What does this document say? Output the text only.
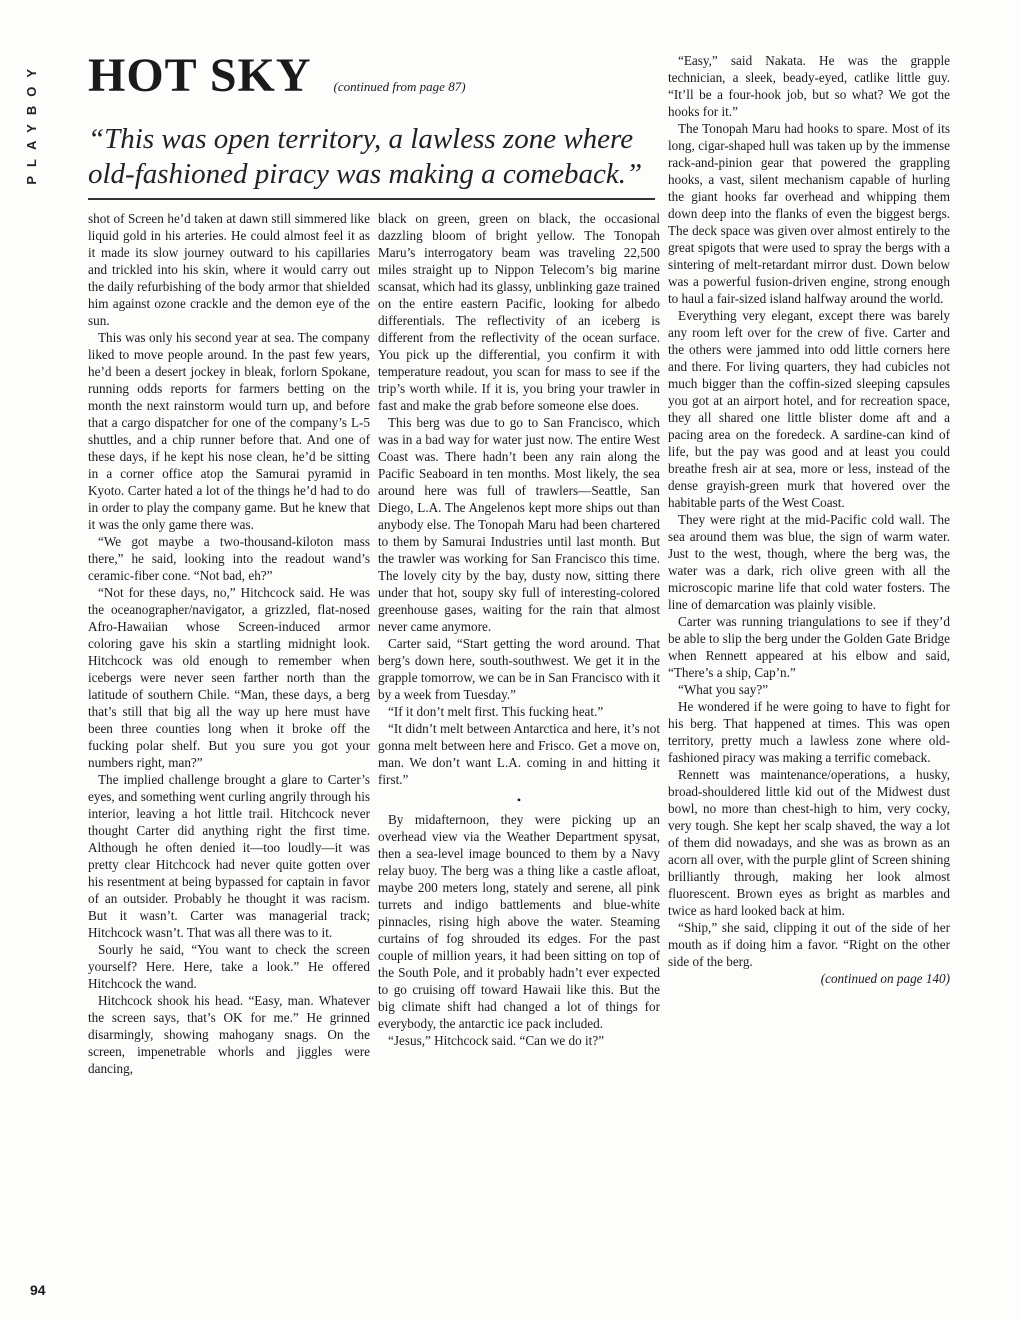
PLAYBOY HOT SKY (continued from page 87)
“This was open territory, a lawless zone where old-fashioned piracy was making a comeback.”

shot of Screen he’d taken at dawn still simmered like liquid gold in his arteries. He could almost feel it as it made its slow journey outward to his capillaries and trickled into his skin, where it would carry out the daily refurbishing of the body armor that shielded him against ozone crackle and the demon eye of the sun.

This was only his second year at sea. The company liked to move people around. In the past few years, he’d been a desert jockey in bleak, forlorn Spokane, running odds reports for farmers betting on the month the next rainstorm would turn up, and before that a cargo dispatcher for one of the company’s L-5 shuttles, and a chip runner before that. And one of these days, if he kept his nose clean, he’d be sitting in a corner office atop the Samurai pyramid in Kyoto. Carter hated a lot of the things he’d had to do in order to play the company game. But he knew that it was the only game there was.

“We got maybe a two-thousand-kiloton mass there,” he said, looking into the readout wand’s ceramic-fiber cone. “Not bad, eh?”

“Not for these days, no,” Hitchcock said. He was the oceanographer/navigator, a grizzled, flat-nosed Afro-Hawaiian whose Screen-induced armor coloring gave his skin a startling midnight look. Hitchcock was old enough to remember when icebergs were never seen farther north than the latitude of southern Chile. “Man, these days, a berg that’s still that big all the way up here must have been three counties long when it broke off the fucking polar shelf. But you sure you got your numbers right, man?”

The implied challenge brought a glare to Carter’s eyes, and something went curling angrily through his interior, leaving a hot little trail. Hitchcock never thought Carter did anything right the first time. Although he often denied it—too loudly—it was pretty clear Hitchcock had never quite gotten over his resentment at being bypassed for captain in favor of an outsider. Probably he thought it was racism. But it wasn’t. Carter was managerial track; Hitchcock wasn’t. That was all there was to it.

Sourly he said, “You want to check the screen yourself? Here. Here, take a look.” He offered Hitchcock the wand.

Hitchcock shook his head. “Easy, man. Whatever the screen says, that’s OK for me.” He grinned disarmingly, showing mahogany snags. On the screen, impenetrable whorls and jiggles were dancing,

black on green, green on black, the occasional dazzling bloom of bright yellow. The Tonopah Maru’s interrogatory beam was traveling 22,500 miles straight up to Nippon Telecom’s big marine scansat, which had its glassy, unblinking gaze trained on the entire eastern Pacific, looking for albedo differentials. The reflectivity of an iceberg is different from the reflectivity of the ocean surface. You pick up the differential, you confirm it with temperature readout, you scan for mass to see if the trip’s worth while. If it is, you bring your trawler in fast and make the grab before someone else does.

This berg was due to go to San Francisco, which was in a bad way for water just now. The entire West Coast was. There hadn’t been any rain along the Pacific Seaboard in ten months. Most likely, the sea around here was full of trawlers—Seattle, San Diego, L.A. The Angelenos kept more ships out than anybody else. The Tonopah Maru had been chartered to them by Samurai Industries until last month. But the trawler was working for San Francisco this time. The lovely city by the bay, dusty now, sitting there under that hot, soupy sky full of interesting-colored greenhouse gases, waiting for the rain that almost never came anymore.

Carter said, “Start getting the word around. That berg’s down here, south-southwest. We get it in the grapple tomorrow, we can be in San Francisco with it by a week from Tuesday.”

“If it don’t melt first. This fucking heat.”

“It didn’t melt between Antarctica and here, it’s not gonna melt between here and Frisco. Get a move on, man. We don’t want L.A. coming in and hitting it first.”

•

By midafternoon, they were picking up an overhead view via the Weather Department spysat, then a sea-level image bounced to them by a Navy relay buoy. The berg was a thing like a castle afloat, maybe 200 meters long, stately and serene, all pink turrets and indigo battlements and blue-white pinnacles, rising high above the water. Steaming curtains of fog shrouded its edges. For the past couple of million years, it had been sitting on top of the South Pole, and it probably hadn’t ever expected to go cruising off toward Hawaii like this. But the big climate shift had changed a lot of things for everybody, the antarctic ice pack included.

“Jesus,” Hitchcock said. “Can we do it?”

“Easy,” said Nakata. He was the grapple technician, a sleek, beady-eyed, catlike little guy. “It’ll be a four-hook job, but so what? We got the hooks for it.”

The Tonopah Maru had hooks to spare. Most of its long, cigar-shaped hull was taken up by the immense rack-and-pinion gear that powered the grappling hooks, a vast, silent mechanism capable of hurling the giant hooks far overhead and whipping them down deep into the flanks of even the biggest bergs. The deck space was given over almost entirely to the great spigots that were used to spray the bergs with a sintering of melt-retardant mirror dust. Down below was a powerful fusion-driven engine, strong enough to haul a fair-sized island halfway around the world.

Everything very elegant, except there was barely any room left over for the crew of five. Carter and the others were jammed into odd little corners here and there. For living quarters, they had cubicles not much bigger than the coffin-sized sleeping capsules you got at an airport hotel, and for recreation space, they all shared one little blister dome aft and a pacing area on the foredeck. A sardine-can kind of life, but the pay was good and at least you could breathe fresh air at sea, more or less, instead of the dense grayish-green murk that hovered over the habitable parts of the West Coast.

They were right at the mid-Pacific cold wall. The sea around them was blue, the sign of warm water. Just to the west, though, where the berg was, the water was a dark, rich olive green with all the microscopic marine life that cold water fosters. The line of demarcation was plainly visible.

Carter was running triangulations to see if they’d be able to slip the berg under the Golden Gate Bridge when Rennett appeared at his elbow and said, “There’s a ship, Cap’n.”

“What you say?”

He wondered if he were going to have to fight for his berg. That happened at times. This was open territory, pretty much a lawless zone where old-fashioned piracy was making a terrific comeback.

Rennett was maintenance/operations, a husky, broad-shouldered little kid out of the Midwest dust bowl, no more than chest-high to him, very cocky, very tough. She kept her scalp shaved, the way a lot of them did nowadays, and she was as brown as an acorn all over, with the purple glint of Screen shining brilliantly through, making her look almost fluorescent. Brown eyes as bright as marbles and twice as hard looked back at him.

“Ship,” she said, clipping it out of the side of her mouth as if doing him a favor. “Right on the other side of the berg.

(continued on page 140)
94
